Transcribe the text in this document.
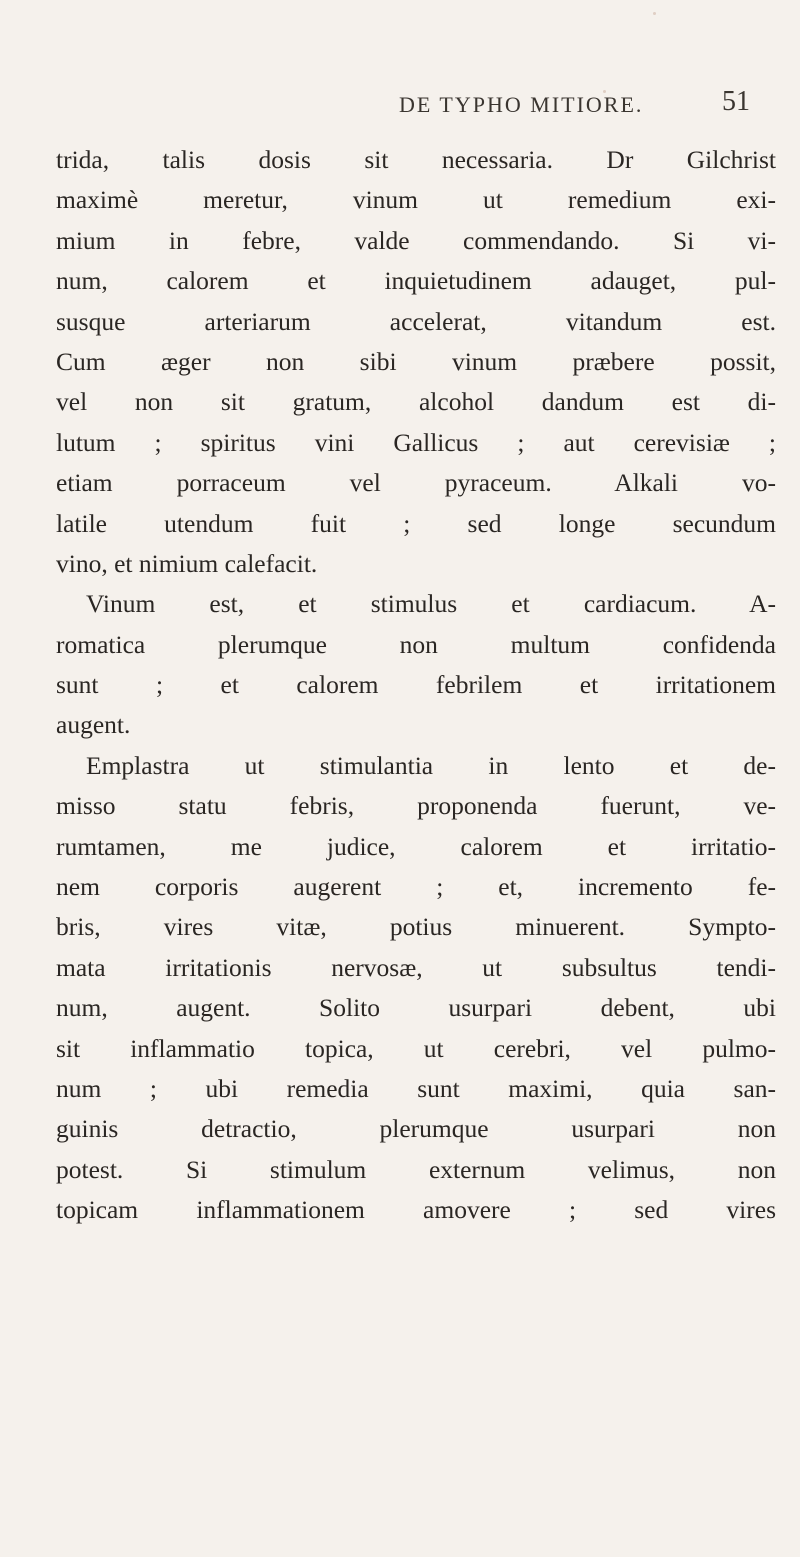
DE TYPHO MITIORE.	51
trida, talis dosis sit necessaria. Dr Gilchrist
maximè meretur, vinum ut remedium exi-
mium in febre, valde commendando. Si vi-
num, calorem et inquietudinem adauget, pul-
susque arteriarum accelerat, vitandum est.
Cum æger non sibi vinum præbere possit,
vel non sit gratum, alcohol dandum est di-
lutum ; spiritus vini Gallicus ; aut cerevisiæ ;
etiam porraceum vel pyraceum. Alkali vo-
latile utendum fuit ; sed longe secundum
vino, et nimium calefacit.
Vinum est, et stimulus et cardiacum. A-
romatica plerumque non multum confidenda
sunt ; et calorem febrilem et irritationem
augent.
Emplastra ut stimulantia in lento et de-
misso statu febris, proponenda fuerunt, ve-
rumtamen, me judice, calorem et irritatio-
nem corporis augerent ; et, incremento fe-
bris, vires vitæ, potius minuerent. Sympto-
mata irritationis nervosæ, ut subsultus tendi-
num, augent. Solito usurpari debent, ubi
sit inflammatio topica, ut cerebri, vel pulmo-
num ; ubi remedia sunt maximi, quia san-
guinis detractio, plerumque usurpari non
potest. Si stimulum externum velimus, non
topicam inflammationem amovere ; sed vires
